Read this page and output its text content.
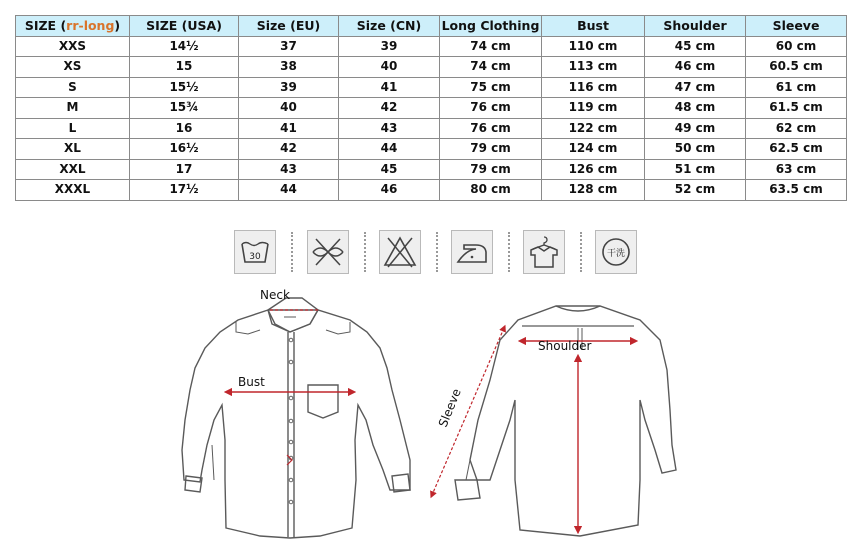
SIZE (rr-long)	SIZE (USA)	Size (EU)	Size (CN)	Long Clothing	Bust	Shoulder	Sleeve
XXS	14½	37	39	74 cm	110 cm	45 cm	60 cm
XS	15	38	40	74 cm	113 cm	46 cm	60.5 cm
S	15½	39	41	75 cm	116 cm	47 cm	61 cm
M	15¾	40	42	76 cm	119 cm	48 cm	61.5 cm
L	16	41	43	76 cm	122 cm	49 cm	62 cm
XL	16½	42	44	79 cm	124 cm	50 cm	62.5 cm
XXL	17	43	45	79 cm	126 cm	51 cm	63 cm
XXXL	17½	44	46	80 cm	128 cm	52 cm	63.5 cm
30	干洗
Neck
Bust
Shoulder
Sleeve
